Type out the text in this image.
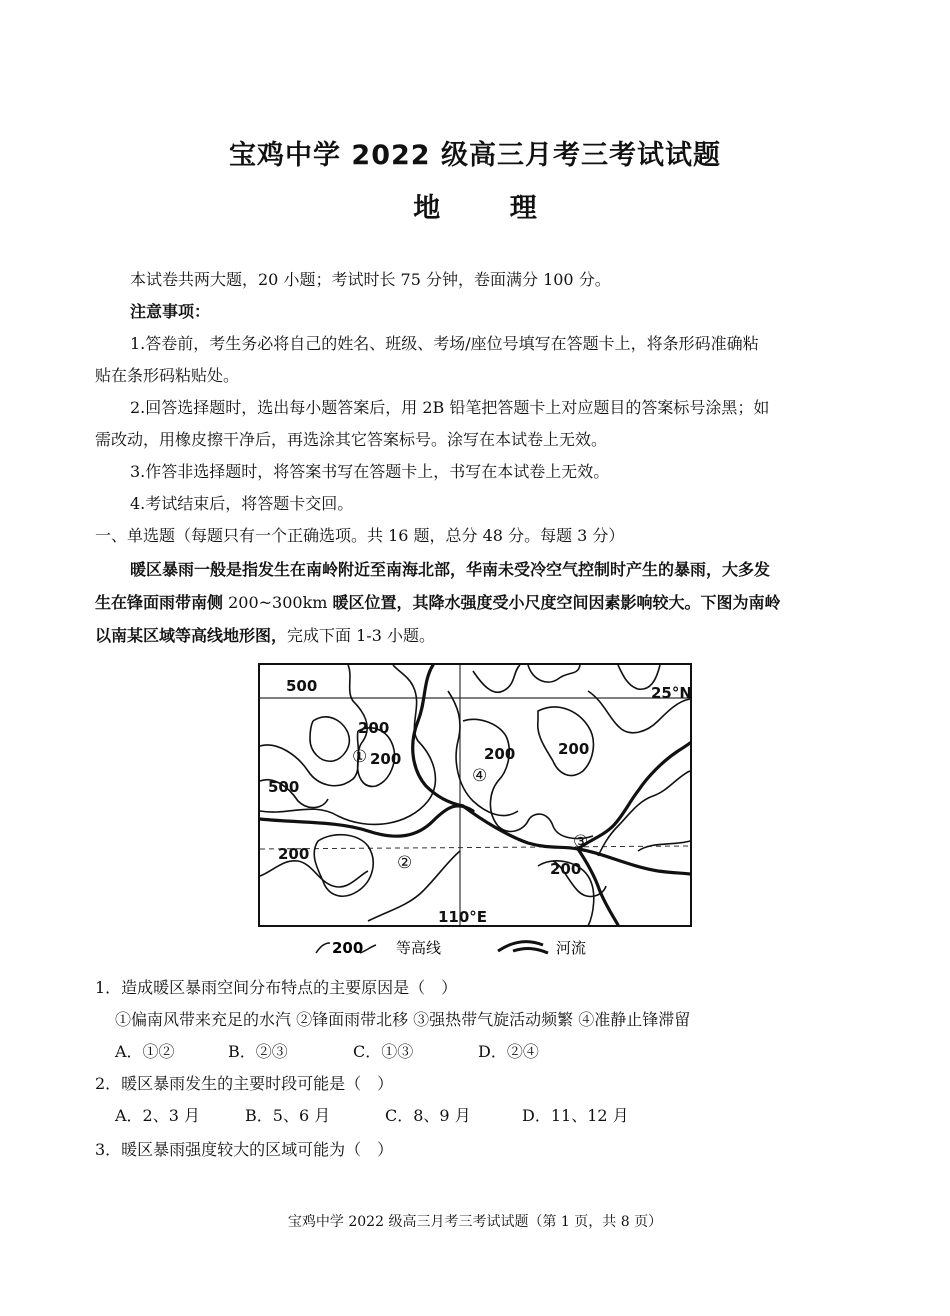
宝鸡中学 2022 级高三月考三考试试题
地 理
本试卷共两大题，20 小题；考试时长 75 分钟，卷面满分 100 分。
注意事项：
1.答卷前，考生务必将自己的姓名、班级、考场/座位号填写在答题卡上，将条形码准确粘
贴在条形码粘贴处。
2.回答选择题时，选出每小题答案后，用 2B 铅笔把答题卡上对应题目的答案标号涂黑；如
需改动，用橡皮擦干净后，再选涂其它答案标号。涂写在本试卷上无效。
3.作答非选择题时，将答案书写在答题卡上，书写在本试卷上无效。
4.考试结束后，将答题卡交回。
一、单选题（每题只有一个正确选项。共 16 题，总分 48 分。每题 3 分）
暖区暴雨一般是指发生在南岭附近至南海北部，华南未受冷空气控制时产生的暴雨，大多发
生在锋面雨带南侧 200~300km 暖区位置，其降水强度受小尺度空间因素影响较大。下图为南岭
以南某区域等高线地形图，完成下面 1-3 小题。
500
500
200
200	200	200
200
200
25°N
110°E
①
②
③
④
200 等高线	河流
1．造成暖区暴雨空间分布特点的主要原因是（　）
①偏南风带来充足的水汽 ②锋面雨带北移 ③强热带气旋活动频繁 ④准静止锋滞留
A．①②	B．②③	C．①③	D．②④
2．暖区暴雨发生的主要时段可能是（　）
A．2、3 月	B．5、6 月	C．8、9 月	D．11、12 月
3．暖区暴雨强度较大的区域可能为（　）
宝鸡中学 2022 级高三月考三考试试题（第 1 页，共 8 页）
